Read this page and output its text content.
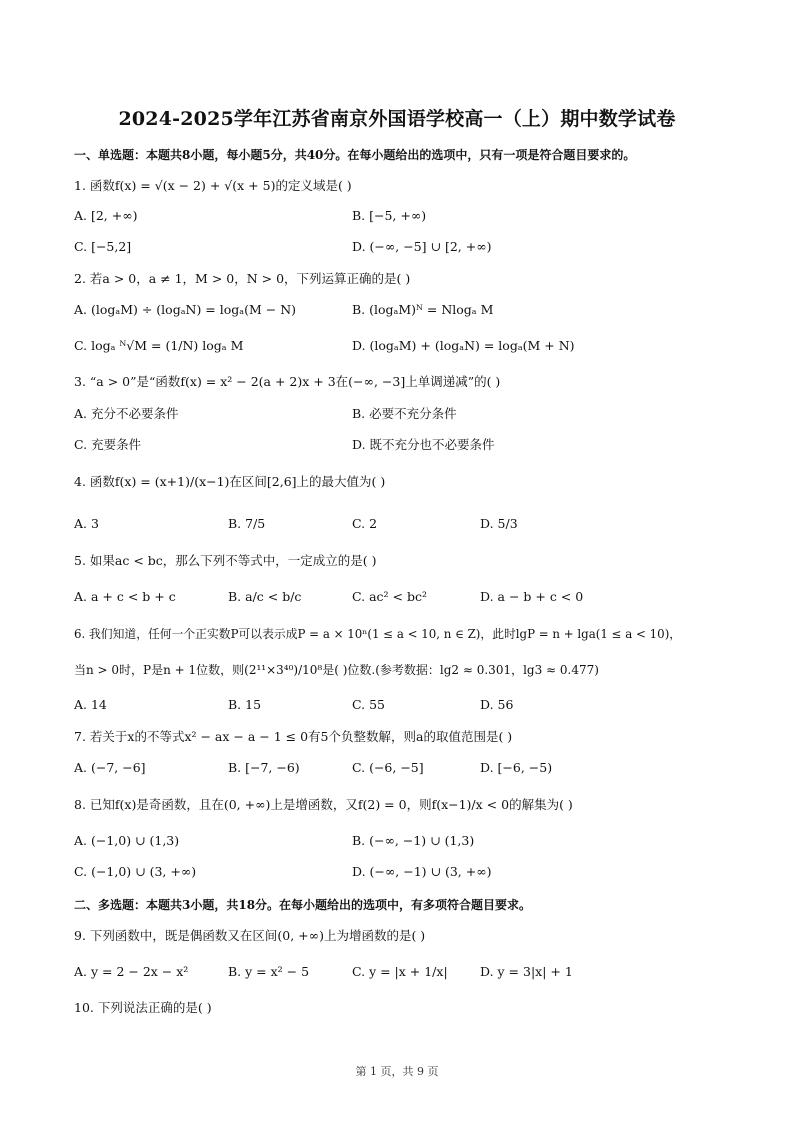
2024-2025学年江苏省南京外国语学校高一（上）期中数学试卷
一、单选题：本题共8小题，每小题5分，共40分。在每小题给出的选项中，只有一项是符合题目要求的。
1. 函数f(x) = √(x − 2) + √(x + 5)的定义域是( )
A. [2, +∞)	B. [−5, +∞)
C. [−5,2]	D. (−∞, −5] ∪ [2, +∞)
2. 若a > 0，a ≠ 1，M > 0，N > 0，下列运算正确的是( )
A. (logₐM) ÷ (logₐN) = logₐ(M − N)	B. (logₐM)ᴺ = Nlogₐ M
C. logₐ ᴺ√M = (1/N) logₐ M	D. (logₐM) + (logₐN) = logₐ(M + N)
3. “a > 0”是“函数f(x) = x² − 2(a + 2)x + 3在(−∞, −3]上单调递减”的( )
A. 充分不必要条件	B. 必要不充分条件
C. 充要条件	D. 既不充分也不必要条件
4. 函数f(x) = (x+1)/(x−1)在区间[2,6]上的最大值为( )
A. 3	B. 7/5	C. 2	D. 5/3
5. 如果ac < bc，那么下列不等式中，一定成立的是( )
A. a + c < b + c	B. a/c < b/c	C. ac² < bc²	D. a − b + c < 0
6. 我们知道，任何一个正实数P可以表示成P = a × 10ⁿ(1 ≤ a < 10, n ∈ Z)，此时lgP = n + lga(1 ≤ a < 10)，
当n > 0时，P是n + 1位数，则(2¹¹×3⁴⁰)/10⁸是( )位数.(参考数据：lg2 ≈ 0.301，lg3 ≈ 0.477)
A. 14	B. 15	C. 55	D. 56
7. 若关于x的不等式x² − ax − a − 1 ≤ 0有5个负整数解，则a的取值范围是( )
A. (−7, −6]	B. [−7, −6)	C. (−6, −5]	D. [−6, −5)
8. 已知f(x)是奇函数，且在(0, +∞)上是增函数，又f(2) = 0，则f(x−1)/x < 0的解集为( )
A. (−1,0) ∪ (1,3)	B. (−∞, −1) ∪ (1,3)
C. (−1,0) ∪ (3, +∞)	D. (−∞, −1) ∪ (3, +∞)
二、多选题：本题共3小题，共18分。在每小题给出的选项中，有多项符合题目要求。
9. 下列函数中，既是偶函数又在区间(0, +∞)上为增函数的是( )
A. y = 2 − 2x − x²	B. y = x² − 5	C. y = |x + 1/x|	D. y = 3|x| + 1
10. 下列说法正确的是( )
第 1 页，共 9 页
